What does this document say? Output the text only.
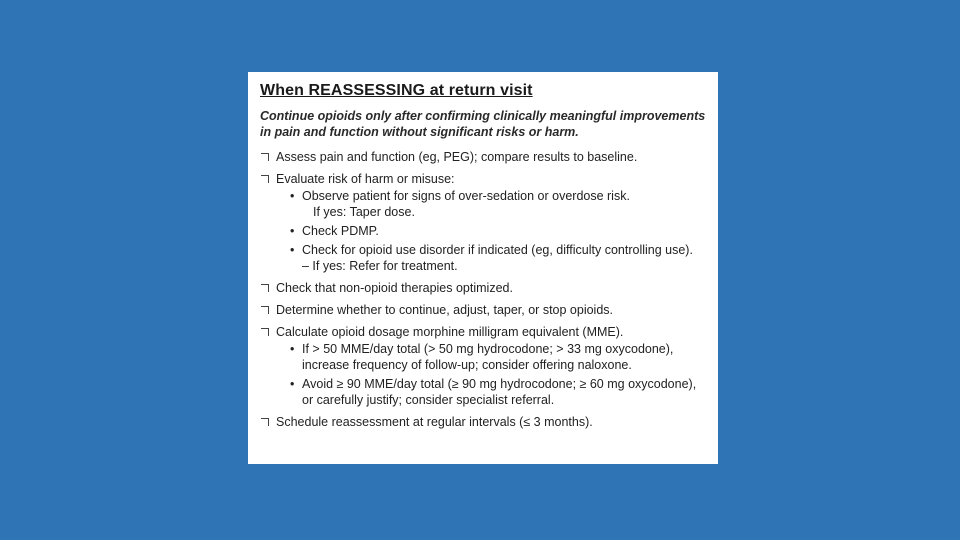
When REASSESSING at return visit
Continue opioids only after confirming clinically meaningful improvements in pain and function without significant risks or harm.
Assess pain and function (eg, PEG); compare results to baseline.
Evaluate risk of harm or misuse:
• Observe patient for signs of over-sedation or overdose risk.
If yes: Taper dose.
• Check PDMP.
• Check for opioid use disorder if indicated (eg, difficulty controlling use).
– If yes: Refer for treatment.
Check that non-opioid therapies optimized.
Determine whether to continue, adjust, taper, or stop opioids.
Calculate opioid dosage morphine milligram equivalent (MME).
• If > 50 MME/day total (> 50 mg hydrocodone; > 33 mg oxycodone), increase frequency of follow-up; consider offering naloxone.
• Avoid ≥ 90 MME/day total (≥ 90 mg hydrocodone; ≥ 60 mg oxycodone), or carefully justify; consider specialist referral.
Schedule reassessment at regular intervals (≤ 3 months).
